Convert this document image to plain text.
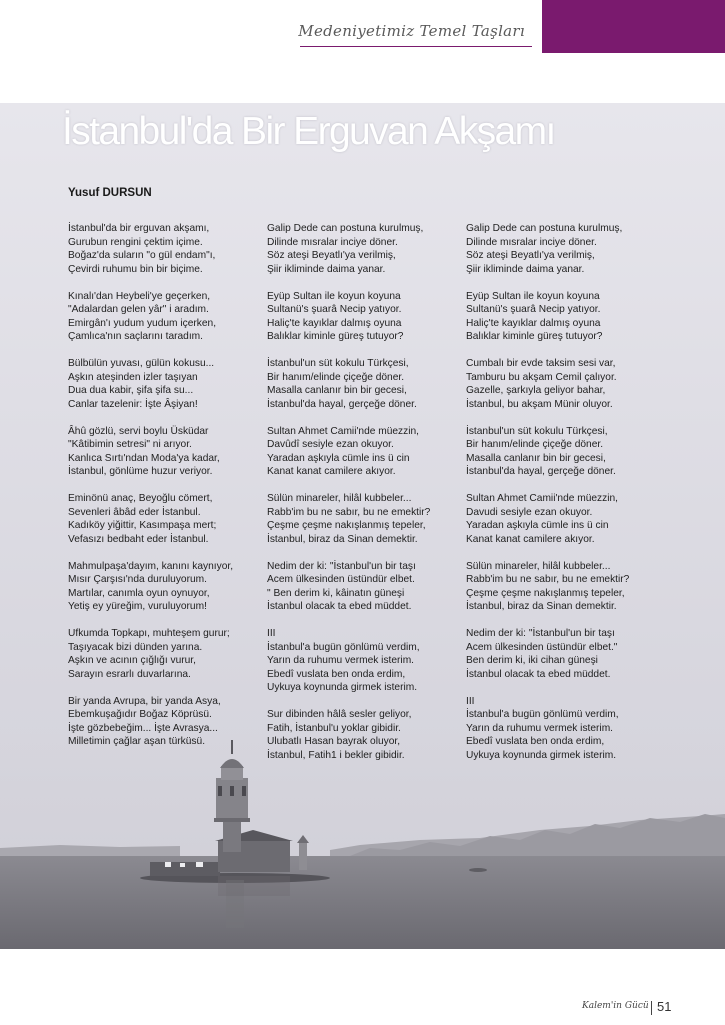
Medeniyetimiz Temel Taşları
İstanbul'da Bir Erguvan Akşamı
Yusuf DURSUN
İstanbul'da bir erguvan akşamı,
Gurubun rengini çektim içime.
Boğaz'da suların "o gül endam"ı,
Çevirdi ruhumu bin bir biçime.
Kınalı'dan Heybeli'ye geçerken,
"Adalardan gelen yâr" i aradım.
Emirgân'ı yudum yudum içerken,
Çamlıca'nın saçlarını taradım.
Bülbülün yuvası, gülün kokusu...
Aşkın ateşinden izler taşıyan
Dua dua kabir, şifa şifa su...
Canlar tazelenir: İşte Âşiyan!
Âhû gözlü, servi boylu Üsküdar
"Kâtibimin setresi" ni arıyor.
Kanlıca Sırtı'ndan Moda'ya kadar,
İstanbul, gönlüme huzur veriyor.
Eminönü anaç, Beyoğlu cömert,
Sevenleri âbâd eder İstanbul.
Kadıköy yiğittir, Kasımpaşa mert;
Vefasızı bedbaht eder İstanbul.
Mahmulpaşa'dayım, kanını kaynıyor,
Mısır Çarşısı'nda duruluyorum.
Martılar, canımla oyun oynuyor,
Yetiş ey yüreğim, vuruluyorum!
Ufkumda Topkapı, muhteşem gurur;
Taşıyacak bizi dünden yarına.
Aşkın ve acının çığlığı vurur,
Sarayın esrarlı duvarlarına.
Bir yanda Avrupa, bir yanda Asya,
Ebemkuşağıdır Boğaz Köprüsü.
İşte gözbebeğim... İşte Avrasya...
Milletimin çağlar aşan türküsü.
Galip Dede can postuna kurulmuş,
Dilinde mısralar inciye döner.
Söz ateşi Beyatlı'ya verilmiş,
Şiir ikliminde daima yanar.
Eyüp Sultan ile koyun koyuna
Sultanü's şuarâ Necip yatıyor.
Haliç'te kayıklar dalmış oyuna
Balıklar kiminle güreş tutuyor?
İstanbul'un süt kokulu Türkçesi,
Bir hanım/elinde çiçeğe döner.
Masalla canlanır bin bir gecesi,
İstanbul'da hayal, gerçeğe döner.
Sultan Ahmet Camii'nde müezzin,
Davûdî sesiyle ezan okuyor.
Yaradan aşkıyla cümle ins ü cin
Kanat kanat camilere akıyor.
Sülün minareler, hilâl kubbeler...
Rabb'im bu ne sabır, bu ne emektir?
Çeşme çeşme nakışlanmış tepeler,
İstanbul, biraz da Sinan demektir.
Nedim der ki: "İstanbul'un bir taşı
Acem ülkesinden üstündür elbet.
" Ben derim ki, kâinatın güneşi
İstanbul olacak ta ebed müddet.
III
İstanbul'a bugün gönlümü verdim,
Yarın da ruhumu vermek isterim.
Ebedî vuslata ben onda erdim,
Uykuya koynunda girmek isterim.
Sur dibinden hâlâ sesler geliyor,
Fatih, İstanbul'u yoklar gibidir.
Ulubatlı Hasan bayrak oluyor,
İstanbul, Fatih1 i bekler gibidir.
Galip Dede can postuna kurulmuş,
Dilinde mısralar inciye döner.
Söz ateşi Beyatlı'ya verilmiş,
Şiir ikliminde daima yanar.
Eyüp Sultan ile koyun koyuna
Sultanü's şuarâ Necip yatıyor.
Haliç'te kayıklar dalmış oyuna
Balıklar kiminle güreş tutuyor?
Cumbalı bir evde taksim sesi var,
Tamburu bu akşam Cemil çalıyor.
Gazelle, şarkıyla geliyor bahar,
İstanbul, bu akşam Münir oluyor.
İstanbul'un süt kokulu Türkçesi,
Bir hanım/elinde çiçeğe döner.
Masalla canlanır bin bir gecesi,
İstanbul'da hayal, gerçeğe döner.
Sultan Ahmet Camii'nde müezzin,
Davudi sesiyle ezan okuyor.
Yaradan aşkıyla cümle ins ü cin
Kanat kanat camilere akıyor.
Sülün minareler, hilâl kubbeler...
Rabb'im bu ne sabır, bu ne emektir?
Çeşme çeşme nakışlanmış tepeler,
İstanbul, biraz da Sinan demektir.
Nedim der ki: "İstanbul'un bir taşı
Acem ülkesinden üstündür elbet."
Ben derim ki, iki cihan güneşi
İstanbul olacak ta ebed müddet.
III
İstanbul'a bugün gönlümü verdim,
Yarın da ruhumu vermek isterim.
Ebedî vuslata ben onda erdim,
Uykuya koynunda girmek isterim.
Kalem'in Gücü 51
